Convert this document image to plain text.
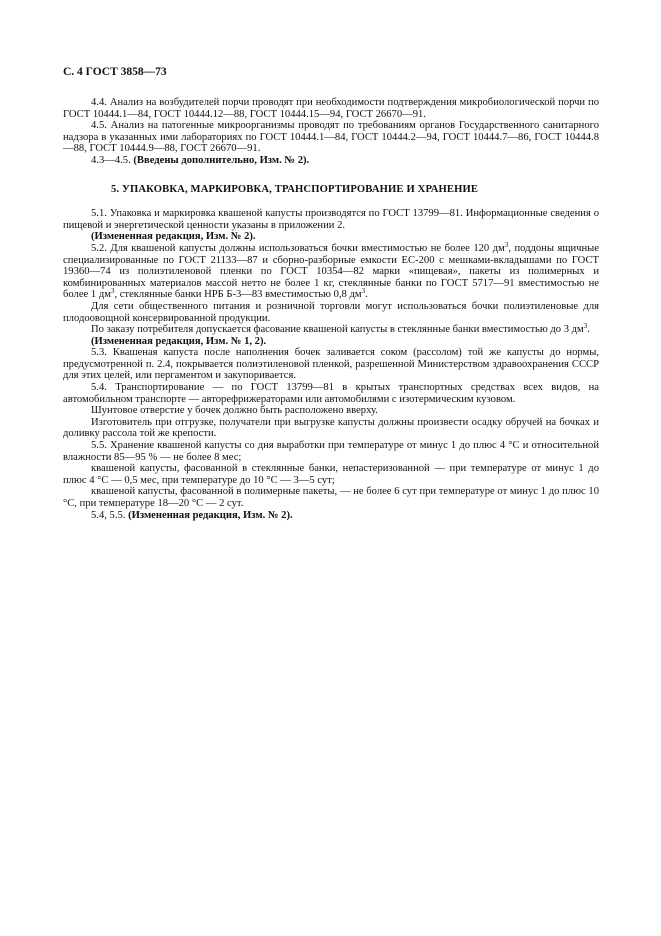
С. 4 ГОСТ 3858—73

4.4. Анализ на возбудителей порчи проводят при необходимости подтверждения микробиологической порчи по ГОСТ 10444.1—84, ГОСТ 10444.12—88, ГОСТ 10444.15—94, ГОСТ 26670—91.

4.5. Анализ на патогенные микроорганизмы проводят по требованиям органов Государственного санитарного надзора в указанных ими лабораториях по ГОСТ 10444.1—84, ГОСТ 10444.2—94, ГОСТ 10444.7—86, ГОСТ 10444.8—88, ГОСТ 10444.9—88, ГОСТ 26670—91.

4.3—4.5. (Введены дополнительно, Изм. № 2).

5. УПАКОВКА, МАРКИРОВКА, ТРАНСПОРТИРОВАНИЕ И ХРАНЕНИЕ

5.1. Упаковка и маркировка квашеной капусты производятся по ГОСТ 13799—81. Информационные сведения о пищевой и энергетической ценности указаны в приложении 2.

(Измененная редакция, Изм. № 2).

5.2. Для квашеной капусты должны использоваться бочки вместимостью не более 120 $дм^3$, поддоны ящичные специализированные по ГОСТ 21133—87 и сборно-разборные емкости ЕС-200 с мешками-вкладышами по ГОСТ 19360—74 из полиэтиленовой пленки по ГОСТ 10354—82 марки «пищевая», пакеты из полимерных и комбинированных материалов массой нетто не более 1 кг, стеклянные банки по ГОСТ 5717—91 вместимостью не более 1 $дм^3$, стеклянные банки НРБ Б-3—83 вместимостью 0,8 $дм^3$.

Для сети общественного питания и розничной торговли могут использоваться бочки полиэтиленовые для плодоовощной консервированной продукции.

По заказу потребителя допускается фасование квашеной капусты в стеклянные банки вместимостью до 3 $дм^3$.

(Измененная редакция, Изм. № 1, 2).

5.3. Квашеная капуста после наполнения бочек заливается соком (рассолом) той же капусты до нормы, предусмотренной п. 2.4, покрывается полиэтиленовой пленкой, разрешенной Министерством здравоохранения СССР для этих целей, или пергаментом и закупоривается.

5.4. Транспортирование — по ГОСТ 13799—81 в крытых транспортных средствах всех видов, на автомобильном транспорте — авторефрижераторами или автомобилями с изотермическим кузовом.

Шунтовое отверстие у бочек должно быть расположено вверху.

Изготовитель при отгрузке, получатели при выгрузке капусты должны произвести осадку обручей на бочках и доливку рассола той же крепости.

5.5. Хранение квашеной капусты со дня выработки при температуре от минус 1 до плюс 4 °С и относительной влажности 85—95 % — не более 8 мес;

квашеной капусты, фасованной в стеклянные банки, непастеризованной — при температуре от минус 1 до плюс 4 °С — 0,5 мес, при температуре до 10 °С — 3—5 сут;

квашеной капусты, фасованной в полимерные пакеты, — не более 6 сут при температуре от минус 1 до плюс 10 °С, при температуре 18—20 °С — 2 сут.

5.4, 5.5. (Измененная редакция, Изм. № 2).
